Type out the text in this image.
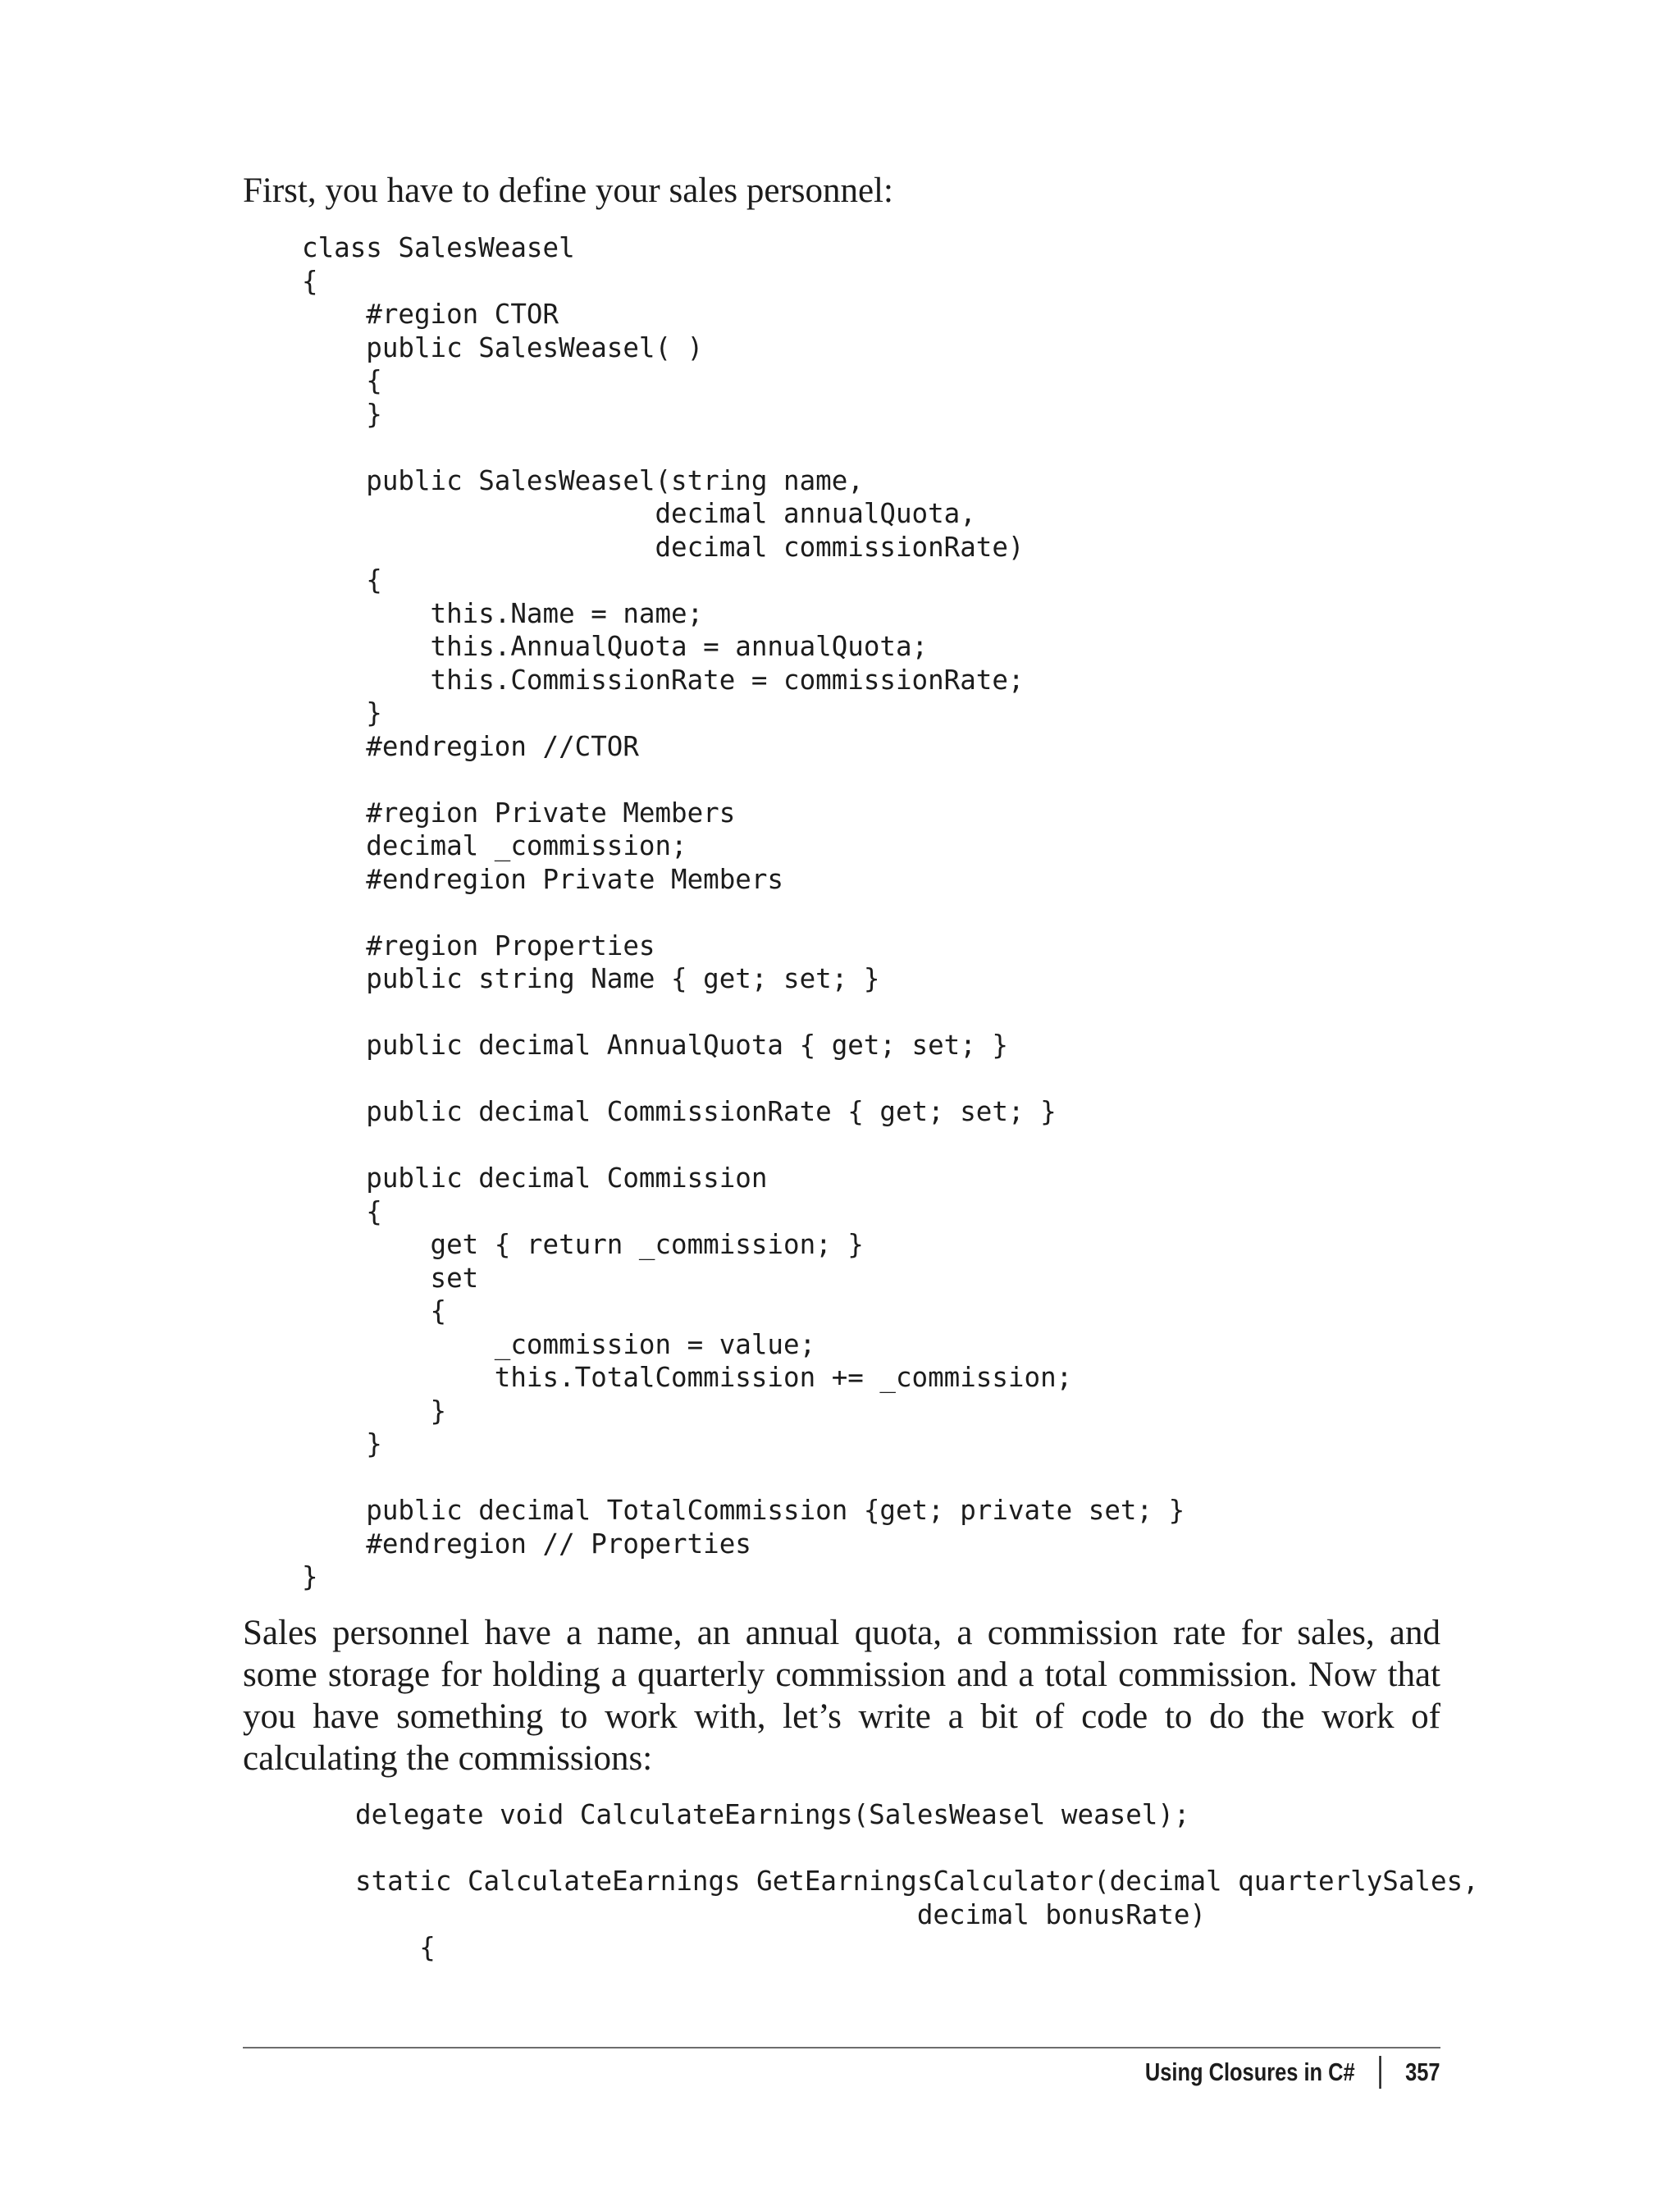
First, you have to define your sales personnel:

class SalesWeasel
{
#region CTOR
public SalesWeasel( )
{
}

public SalesWeasel(string name,
decimal annualQuota,
decimal commissionRate)
{
this.Name = name;
this.AnnualQuota = annualQuota;
this.CommissionRate = commissionRate;
}
#endregion //CTOR

#region Private Members
decimal _commission;
#endregion Private Members

#region Properties
public string Name { get; set; }

public decimal AnnualQuota { get; set; }

public decimal CommissionRate { get; set; }

public decimal Commission
{
get { return _commission; }
set
{
_commission = value;
this.TotalCommission += _commission;
}
}

public decimal TotalCommission {get; private set; }
#endregion // Properties
}

Sales personnel have a name, an annual quota, a commission rate for sales, and some storage for holding a quarterly commission and a total commission. Now that you have something to work with, let’s write a bit of code to do the work of calculating the commissions:

delegate void CalculateEarnings(SalesWeasel weasel);

static CalculateEarnings GetEarningsCalculator(decimal quarterlySales,
decimal bonusRate)
{
Using Closures in C# 357
